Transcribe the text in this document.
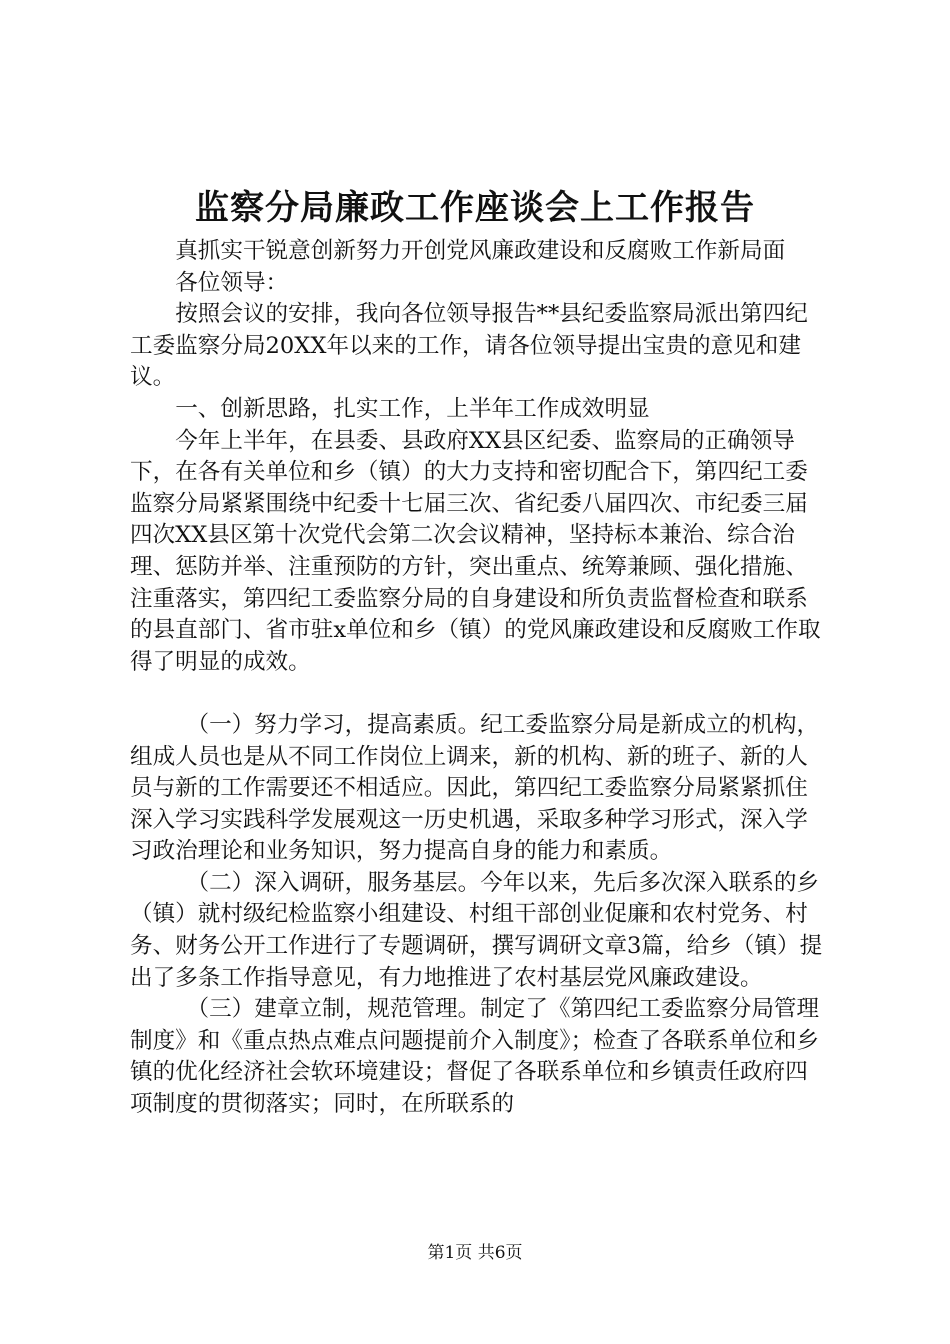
监察分局廉政工作座谈会上工作报告

真抓实干锐意创新努力开创党风廉政建设和反腐败工作新局面

各位领导：

按照会议的安排，我向各位领导报告**县纪委监察局派出第四纪工委监察分局20XX年以来的工作，请各位领导提出宝贵的意见和建议。

一、创新思路，扎实工作，上半年工作成效明显

今年上半年，在县委、县政府XX县区纪委、监察局的正确领导下，在各有关单位和乡（镇）的大力支持和密切配合下，第四纪工委监察分局紧紧围绕中纪委十七届三次、省纪委八届四次、市纪委三届四次XX县区第十次党代会第二次会议精神，坚持标本兼治、综合治理、惩防并举、注重预防的方针，突出重点、统筹兼顾、强化措施、注重落实，第四纪工委监察分局的自身建设和所负责监督检查和联系的县直部门、省市驻x单位和乡（镇）的党风廉政建设和反腐败工作取得了明显的成效。

（一）努力学习，提高素质。纪工委监察分局是新成立的机构，组成人员也是从不同工作岗位上调来，新的机构、新的班子、新的人员与新的工作需要还不相适应。因此，第四纪工委监察分局紧紧抓住深入学习实践科学发展观这一历史机遇，采取多种学习形式，深入学习政治理论和业务知识，努力提高自身的能力和素质。

（二）深入调研，服务基层。今年以来，先后多次深入联系的乡（镇）就村级纪检监察小组建设、村组干部创业促廉和农村党务、村务、财务公开工作进行了专题调研，撰写调研文章3篇，给乡（镇）提出了多条工作指导意见，有力地推进了农村基层党风廉政建设。

（三）建章立制，规范管理。制定了《第四纪工委监察分局管理制度》和《重点热点难点问题提前介入制度》；检查了各联系单位和乡镇的优化经济社会软环境建设；督促了各联系单位和乡镇责任政府四项制度的贯彻落实；同时，在所联系的

第1页 共6页
